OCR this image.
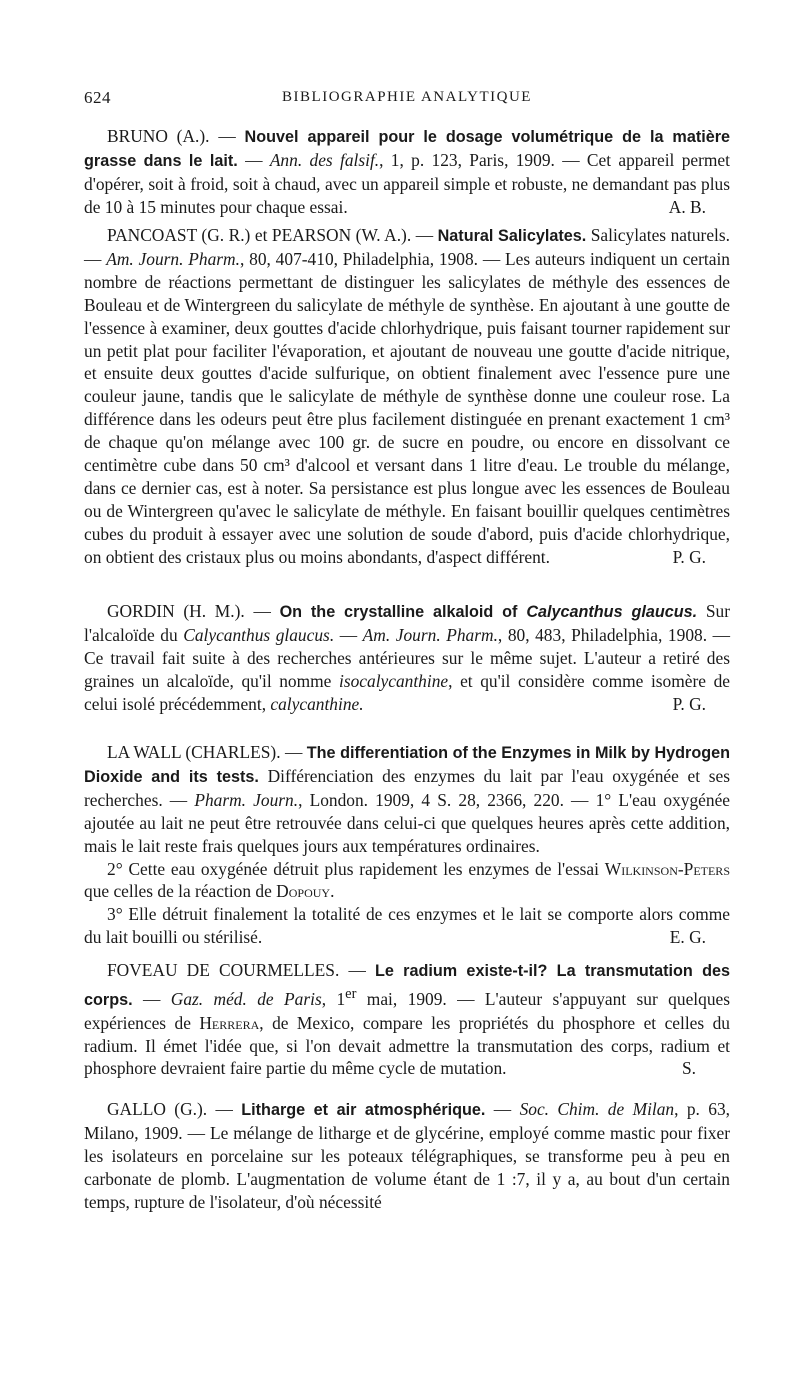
624	BIBLIOGRAPHIE ANALYTIQUE

BRUNO (A.). — Nouvel appareil pour le dosage volumétrique de la matière grasse dans le lait. — Ann. des falsif., 1, p. 123, Paris, 1909. — Cet appareil permet d'opérer, soit à froid, soit à chaud, avec un appareil simple et robuste, ne demandant pas plus de 10 à 15 minutes pour chaque essai.	A. B.

PANCOAST (G. R.) et PEARSON (W. A.). — Natural Salicylates. Salicylates naturels. — Am. Journ. Pharm., 80, 407-410, Philadelphia, 1908. — Les auteurs indiquent un certain nombre de réactions permettant de distinguer les salicylates de méthyle des essences de Bouleau et de Wintergreen du salicylate de méthyle de synthèse. En ajoutant à une goutte de l'essence à examiner, deux gouttes d'acide chlorhydrique, puis faisant tourner rapidement sur un petit plat pour faciliter l'évaporation, et ajoutant de nouveau une goutte d'acide nitrique, et ensuite deux gouttes d'acide sulfurique, on obtient finalement avec l'essence pure une couleur jaune, tandis que le salicylate de méthyle de synthèse donne une couleur rose. La différence dans les odeurs peut être plus facilement distinguée en prenant exactement 1 cm³ de chaque qu'on mélange avec 100 gr. de sucre en poudre, ou encore en dissolvant ce centimètre cube dans 50 cm³ d'alcool et versant dans 1 litre d'eau. Le trouble du mélange, dans ce dernier cas, est à noter. Sa persistance est plus longue avec les essences de Bouleau ou de Wintergreen qu'avec le salicylate de méthyle. En faisant bouillir quelques centimètres cubes du produit à essayer avec une solution de soude d'abord, puis d'acide chlorhydrique, on obtient des cristaux plus ou moins abondants, d'aspect différent.	P. G.

GORDIN (H. M.). — On the crystalline alkaloid of Calycanthus glaucus. Sur l'alcaloïde du Calycanthus glaucus. — Am. Journ. Pharm., 80, 483, Philadelphia, 1908. — Ce travail fait suite à des recherches antérieures sur le même sujet. L'auteur a retiré des graines un alcaloïde, qu'il nomme isocalycanthine, et qu'il considère comme isomère de celui isolé précédemment, calycanthine.	P. G.

LA WALL (CHARLES). — The differentiation of the Enzymes in Milk by Hydrogen Dioxide and its tests. Différenciation des enzymes du lait par l'eau oxygénée et ses recherches. — Pharm. Journ., London. 1909, 4 S. 28, 2366, 220. — 1° L'eau oxygénée ajoutée au lait ne peut être retrouvée dans celui-ci que quelques heures après cette addition, mais le lait reste frais quelques jours aux températures ordinaires.

2° Cette eau oxygénée détruit plus rapidement les enzymes de l'essai Wilkinson-Peters que celles de la réaction de Dopouy.

3° Elle détruit finalement la totalité de ces enzymes et le lait se comporte alors comme du lait bouilli ou stérilisé.	E. G.

FOVEAU DE COURMELLES. — Le radium existe-t-il? La transmutation des corps. — Gaz. méd. de Paris, 1er mai, 1909. — L'auteur s'appuyant sur quelques expériences de Herrera, de Mexico, compare les propriétés du phosphore et celles du radium. Il émet l'idée que, si l'on devait admettre la transmutation des corps, radium et phosphore devraient faire partie du même cycle de mutation.	S.

GALLO (G.). — Litharge et air atmosphérique. — Soc. Chim. de Milan, p. 63, Milano, 1909. — Le mélange de litharge et de glycérine, employé comme mastic pour fixer les isolateurs en porcelaine sur les poteaux télégraphiques, se transforme peu à peu en carbonate de plomb. L'augmentation de volume étant de 1 :7, il y a, au bout d'un certain temps, rupture de l'isolateur, d'où nécessité
